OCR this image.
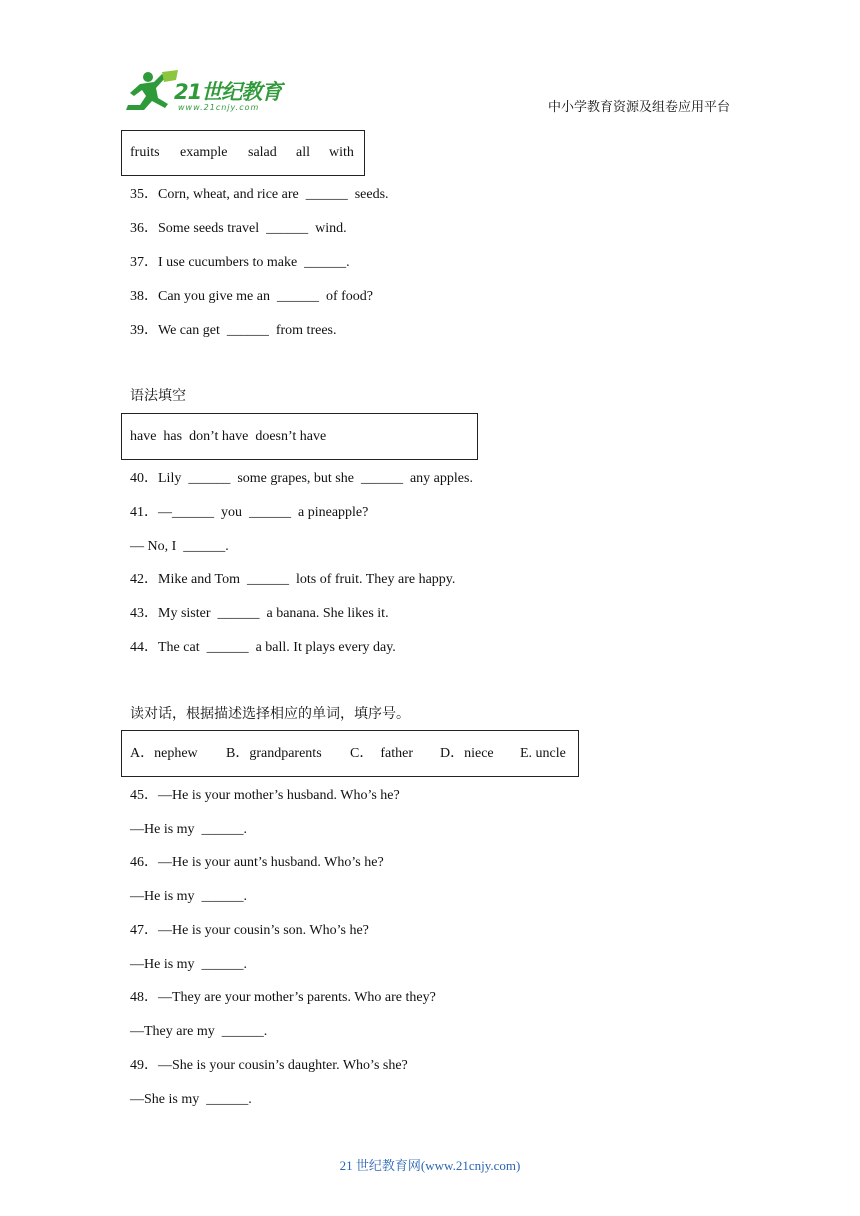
21世纪教育
www.21cnjy.com	中小学教育资源及组卷应用平台
fruits example salad all with
35．Corn, wheat, and rice are  ______  seeds.
36．Some seeds travel  ______  wind.
37．I use cucumbers to make  ______.
38．Can you give me an  ______  of food?
39．We can get  ______  from trees.
语法填空
have  has  don’t have  doesn’t have
40．Lily  ______  some grapes, but she  ______  any apples.
41．—______  you  ______  a pineapple?
— No, I  ______.
42．Mike and Tom  ______  lots of fruit. They are happy.
43．My sister  ______  a banana. She likes it.
44．The cat  ______  a ball. It plays every day.
读对话，根据描述选择相应的单词，填序号。
A．nephew B．grandparents C．  father D．niece E. uncle
45．—He is your mother’s husband. Who’s he?
—He is my  ______.
46．—He is your aunt’s husband. Who’s he?
—He is my  ______.
47．—He is your cousin’s son. Who’s he?
—He is my  ______.
48．—They are your mother’s parents. Who are they?
—They are my  ______.
49．—She is your cousin’s daughter. Who’s she?
—She is my  ______.
21 世纪教育网(www.21cnjy.com)
